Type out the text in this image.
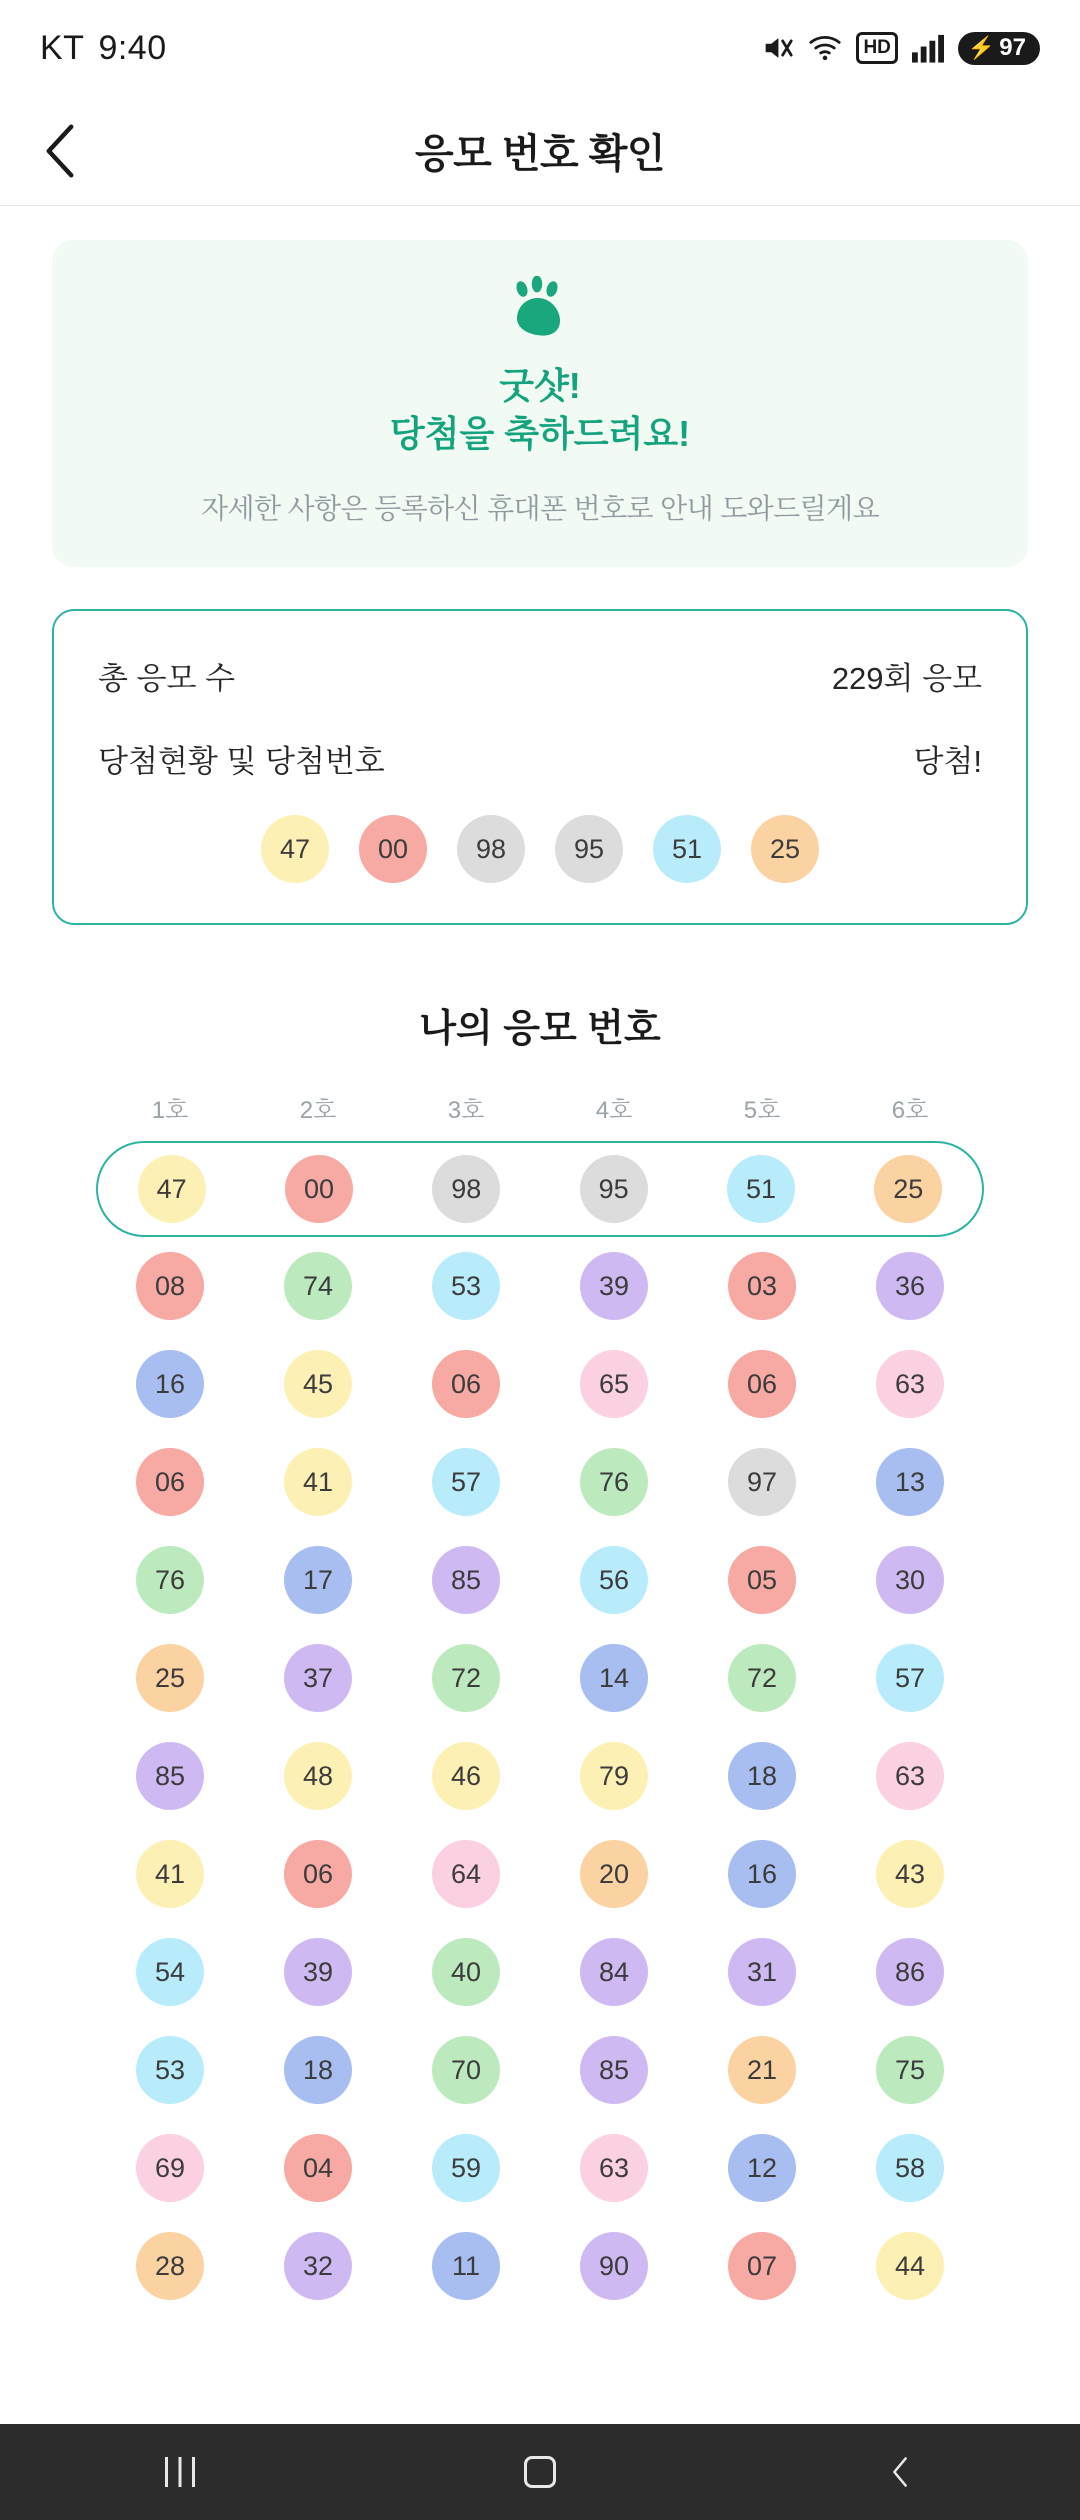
KT 9:40	HD	⚡ 97
응모 번호 확인
굿샷!
당첨을 축하드려요!
자세한 사항은 등록하신 휴대폰 번호로 안내 도와드릴게요
총 응모 수	229회 응모
당첨현황 및 당첨번호	당첨!
47	00	98	95	51	25
나의 응모 번호
1호	2호	3호	4호	5호	6호
47	00	98	95	51	25
08	74	53	39	03	36
16	45	06	65	06	63
06	41	57	76	97	13
76	17	85	56	05	30
25	37	72	14	72	57
85	48	46	79	18	63
41	06	64	20	16	43
54	39	40	84	31	86
53	18	70	85	21	75
69	04	59	63	12	58
28	32	11	90	07	44
